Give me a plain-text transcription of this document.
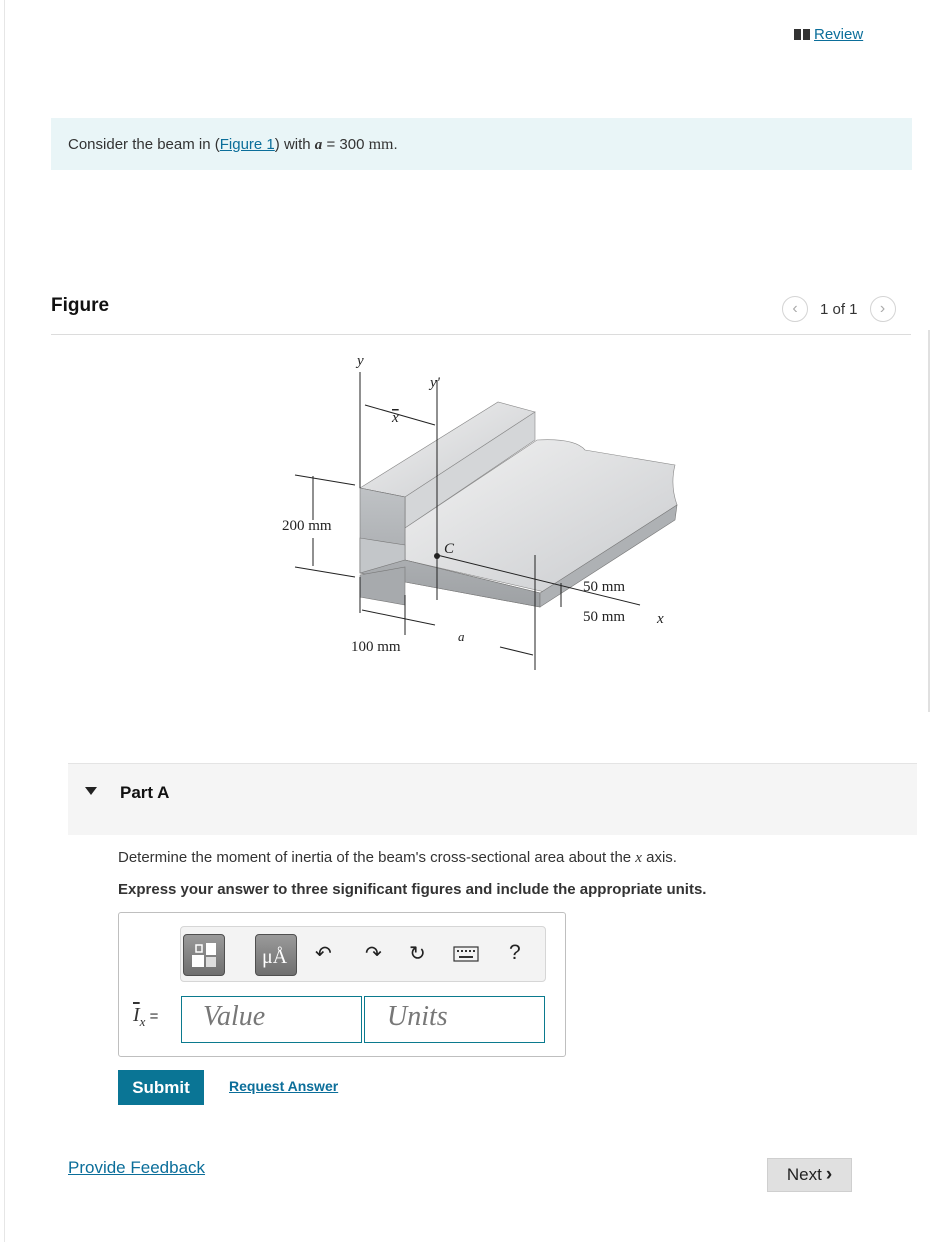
Review
Consider the beam in (Figure 1) with a = 300 mm.
Figure	‹ 1 of 1 ›
y
y'
x
C
x
a
200 mm
100 mm
50 mm
50 mm
Part A
Determine the moment of inertia of the beam's cross-sectional area about the x axis.
Express your answer to three significant figures and include the appropriate units.
μÅ ↶ ↷ ↻	?
$\overline{I}_x$ =	Value	Units
Submit	Request Answer
Provide Feedback	Next ›
